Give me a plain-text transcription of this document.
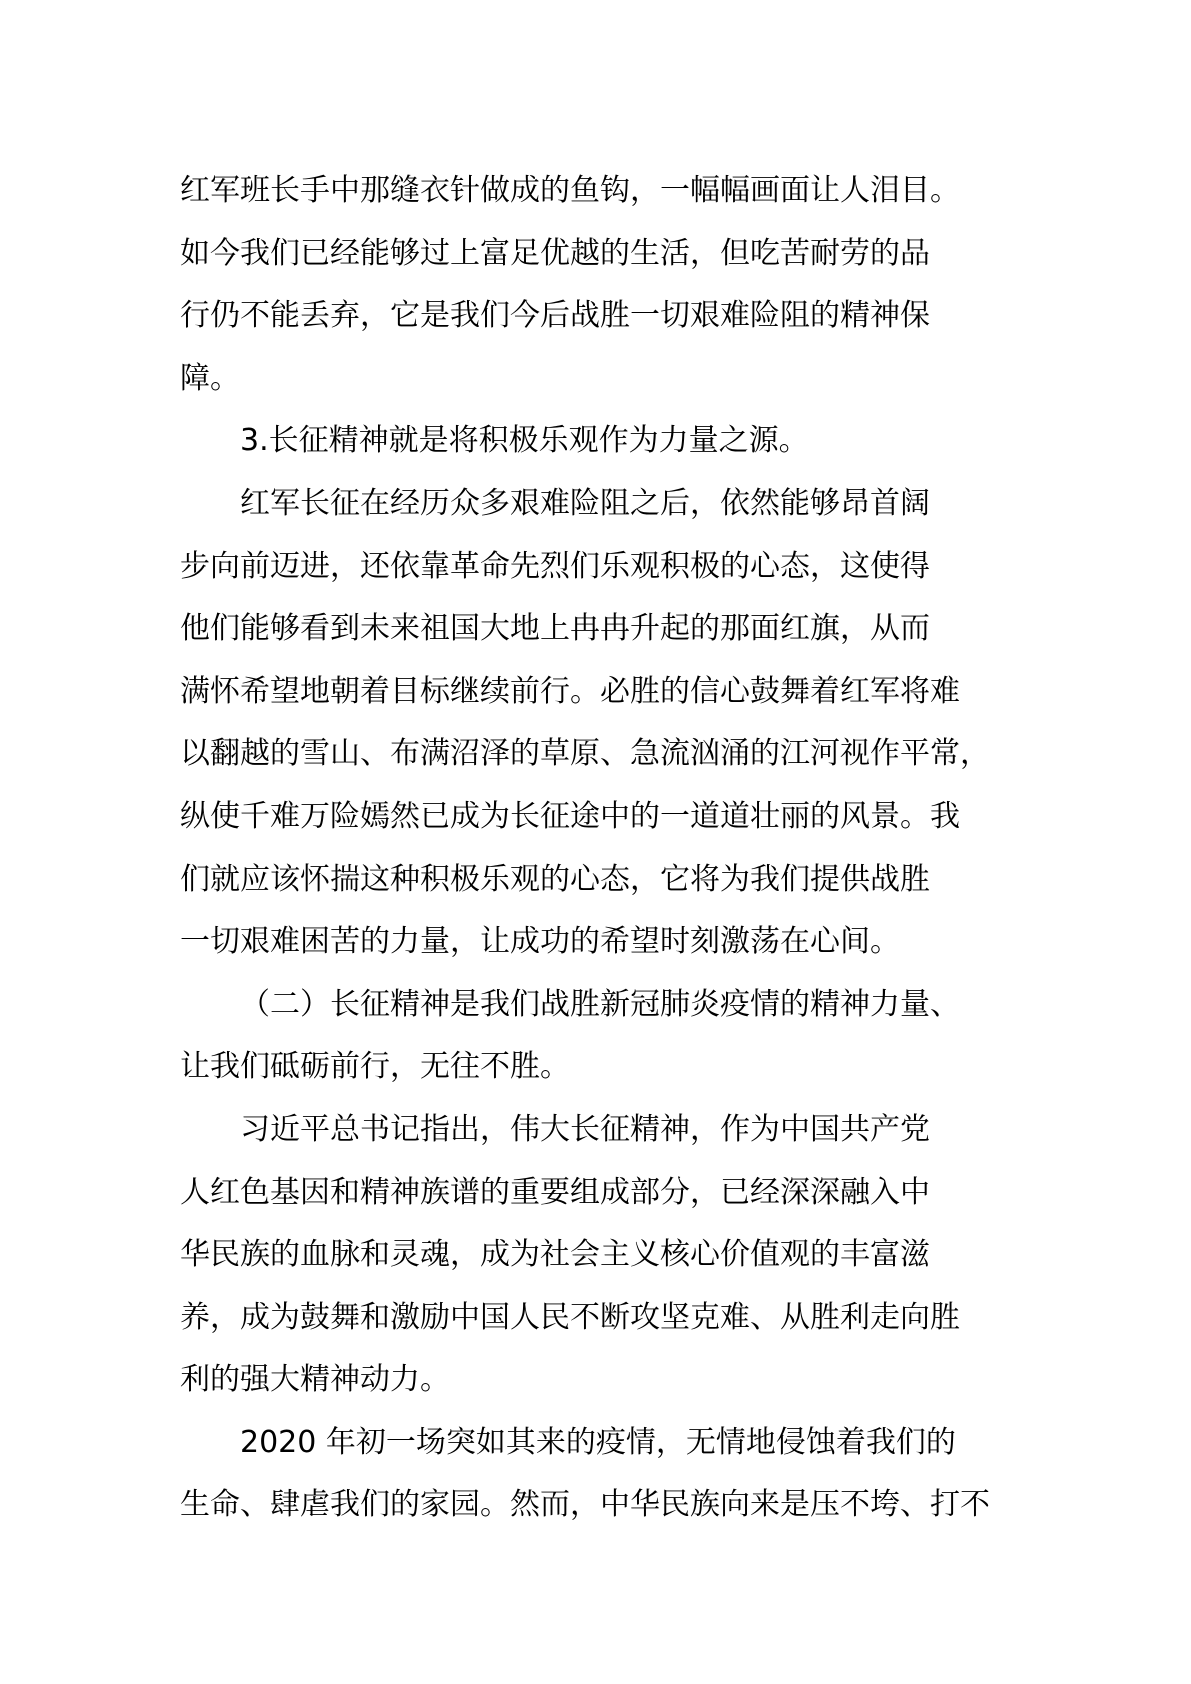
红军班长手中那缝衣针做成的鱼钩，一幅幅画面让人泪目。
如今我们已经能够过上富足优越的生活，但吃苦耐劳的品
行仍不能丢弃，它是我们今后战胜一切艰难险阻的精神保
障。
3.长征精神就是将积极乐观作为力量之源。
红军长征在经历众多艰难险阻之后，依然能够昂首阔
步向前迈进，还依靠革命先烈们乐观积极的心态，这使得
他们能够看到未来祖国大地上冉冉升起的那面红旗，从而
满怀希望地朝着目标继续前行。必胜的信心鼓舞着红军将难
以翻越的雪山、布满沼泽的草原、急流汹涌的江河视作平常，
纵使千难万险嫣然已成为长征途中的一道道壮丽的风景。我
们就应该怀揣这种积极乐观的心态，它将为我们提供战胜
一切艰难困苦的力量，让成功的希望时刻激荡在心间。
（二）长征精神是我们战胜新冠肺炎疫情的精神力量、
让我们砥砺前行，无往不胜。
习近平总书记指出，伟大长征精神，作为中国共产党
人红色基因和精神族谱的重要组成部分，已经深深融入中
华民族的血脉和灵魂，成为社会主义核心价值观的丰富滋
养，成为鼓舞和激励中国人民不断攻坚克难、从胜利走向胜
利的强大精神动力。
2020 年初一场突如其来的疫情，无情地侵蚀着我们的
生命、肆虐我们的家园。然而，中华民族向来是压不垮、打不
